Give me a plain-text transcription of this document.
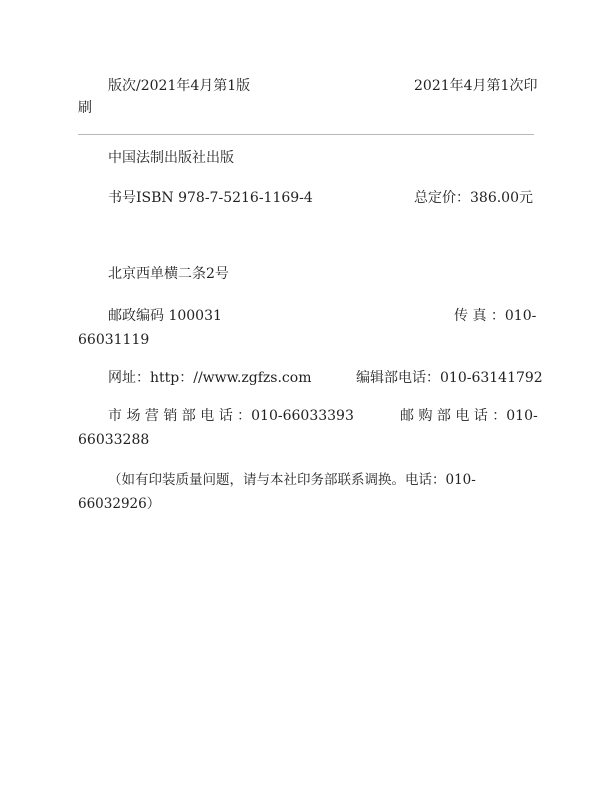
版次/2021年4月第1版	2021年4月第1次印
刷
中国法制出版社出版
书号ISBN 978-7-5216-1169-4	总定价：386.00元
北京西单横二条2号
邮政编码 100031	传 真 ：010-
66031119
网址：http：//www.zgfzs.com	编辑部电话：010-63141792
市 场 营 销 部 电 话 ：010-66033393	邮 购 部 电 话 ：010-
66033288
（如有印装质量问题，请与本社印务部联系调换。电话：010-
66032926）
